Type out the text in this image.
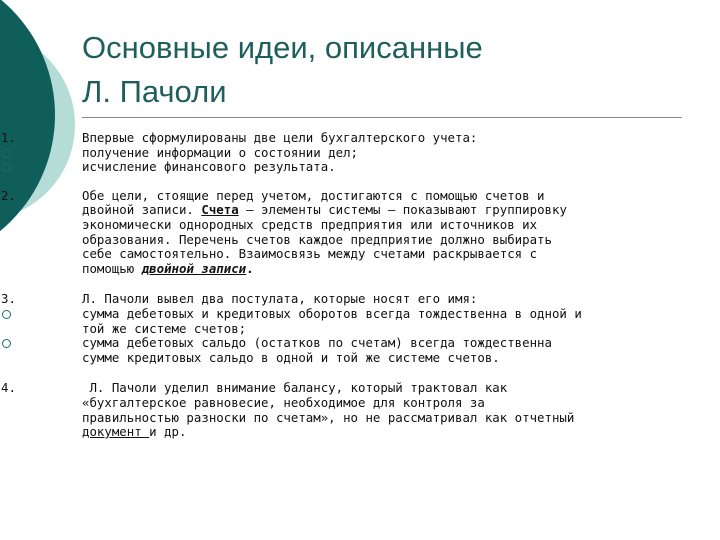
Основные идеи, описанные
Л. Пачоли
1.	Впервые сформулированы две цели бухгалтерского учета:
получение информации о состоянии дел;
исчисление финансового результата.
2.	Обе цели, стоящие перед учетом, достигаются с помощью счетов и
двойной записи. Счета — элементы системы — показывают группировку
экономически однородных средств предприятия или источников их
образования. Перечень счетов каждое предприятие должно выбирать
себе самостоятельно. Взаимосвязь между счетами раскрывается с
помощью двойной записи.
3.	Л. Пачоли вывел два постулата, которые носят его имя:
сумма дебетовых и кредитовых оборотов всегда тождественна в одной и
той же системе счетов;
сумма дебетовых сальдо (остатков по счетам) всегда тождественна
сумме кредитовых сальдо в одной и той же системе счетов.
4.	Л. Пачоли уделил внимание балансу, который трактовал как
«бухгалтерское равновесие, необходимое для контроля за
правильностью разноски по счетам», но не рассматривал как отчетный
документ и др.
